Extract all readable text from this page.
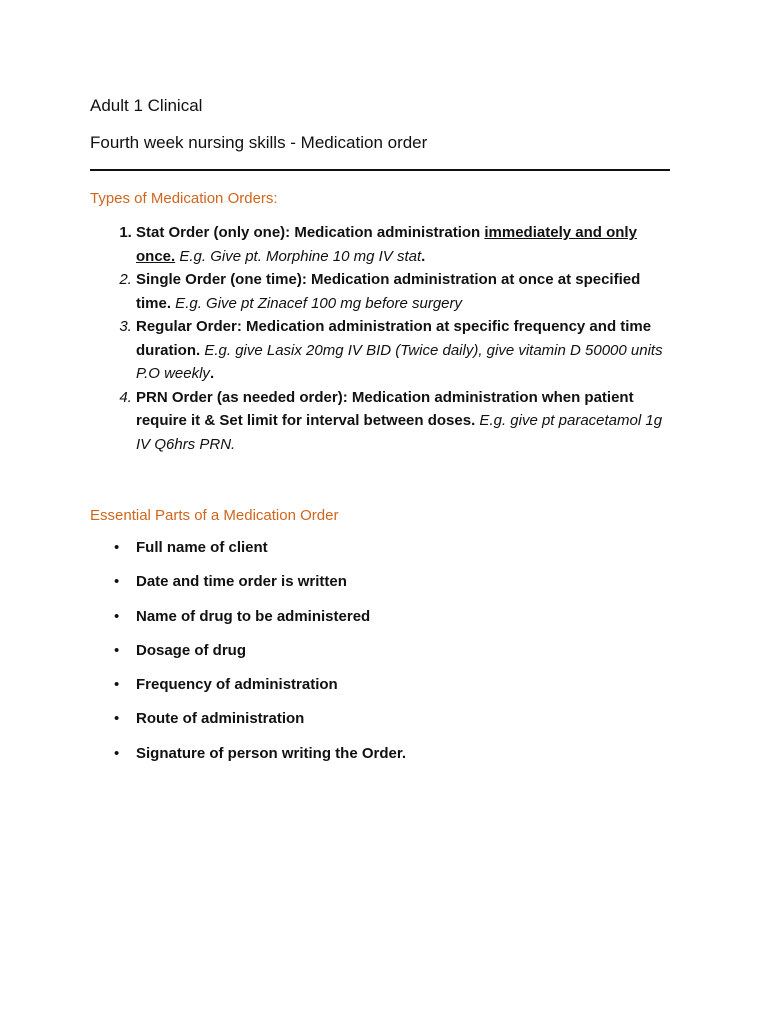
Adult 1 Clinical
Fourth week nursing skills - Medication order
Types of Medication Orders:
1. Stat Order (only one): Medication administration immediately and only once. E.g. Give pt. Morphine 10 mg IV stat.
2. Single Order (one time): Medication administration at once at specified time. E.g. Give pt Zinacef 100 mg before surgery
3. Regular Order: Medication administration at specific frequency and time duration. E.g. give Lasix 20mg IV BID (Twice daily), give vitamin D 50000 units P.O weekly.
4. PRN Order (as needed order): Medication administration when patient require it & Set limit for interval between doses. E.g. give pt paracetamol 1g IV Q6hrs PRN.
Essential Parts of a Medication Order
• Full name of client
• Date and time order is written
• Name of drug to be administered
• Dosage of drug
• Frequency of administration
• Route of administration
• Signature of person writing the Order.
